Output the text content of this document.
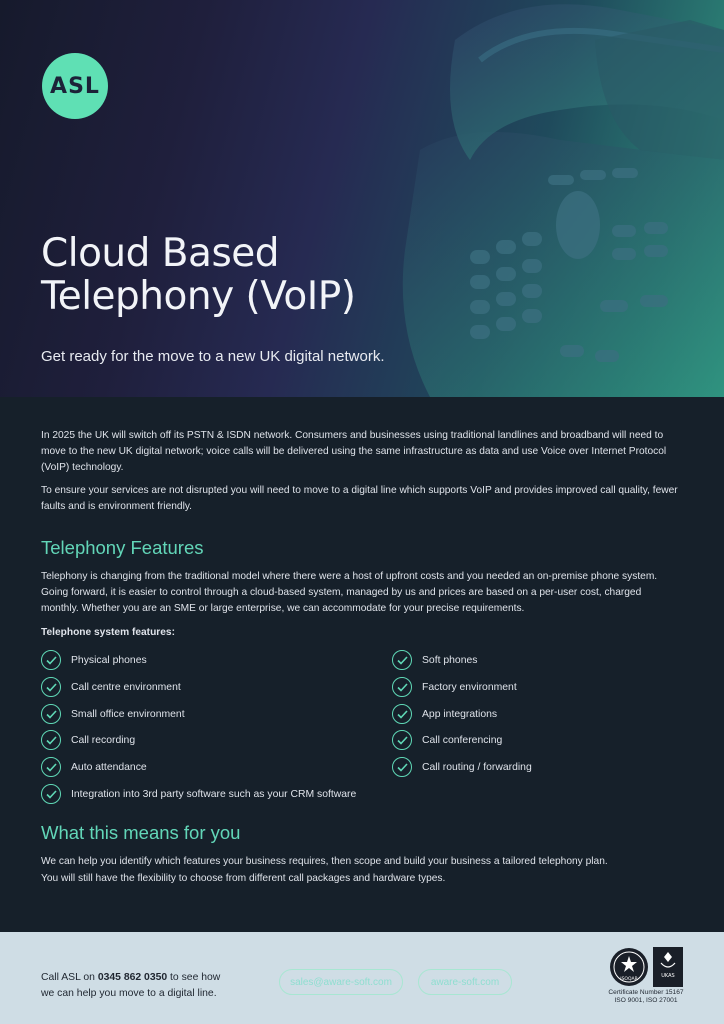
ASL
Cloud Based
Telephony (VoIP)

Get ready for the move to a new UK digital network.

In 2025 the UK will switch off its PSTN & ISDN network. Consumers and businesses using traditional landlines and broadband will need to move to the new UK digital network; voice calls will be delivered using the same infrastructure as data and use Voice over Internet Protocol (VoIP) technology.

To ensure your services are not disrupted you will need to move to a digital line which supports VoIP and provides improved call quality, fewer faults and is environment friendly.

Telephony Features

Telephony is changing from the traditional model where there were a host of upfront costs and you needed an on-premise phone system. Going forward, it is easier to control through a cloud-based system, managed by us and prices are based on a per-user cost, charged monthly. Whether you are an SME or large enterprise, we can accommodate for your precise requirements.

Telephone system features:
Physical phones
Call centre environment
Small office environment
Call recording
Auto attendance
Integration into 3rd party software such as your CRM software
Soft phones
Factory environment
App integrations
Call conferencing
Call routing / forwarding
What this means for you
We can help you identify which features your business requires, then scope and build your business a tailored telephony plan.
You will still have the flexibility to choose from different call packages and hardware types.
Call ASL on 0345 862 0350 to see how
we can help you move to a digital line.
sales@aware-soft.com	aware-soft.com	ISOQAR
UKAS
Certificate Number 15167
ISO 9001, ISO 27001
